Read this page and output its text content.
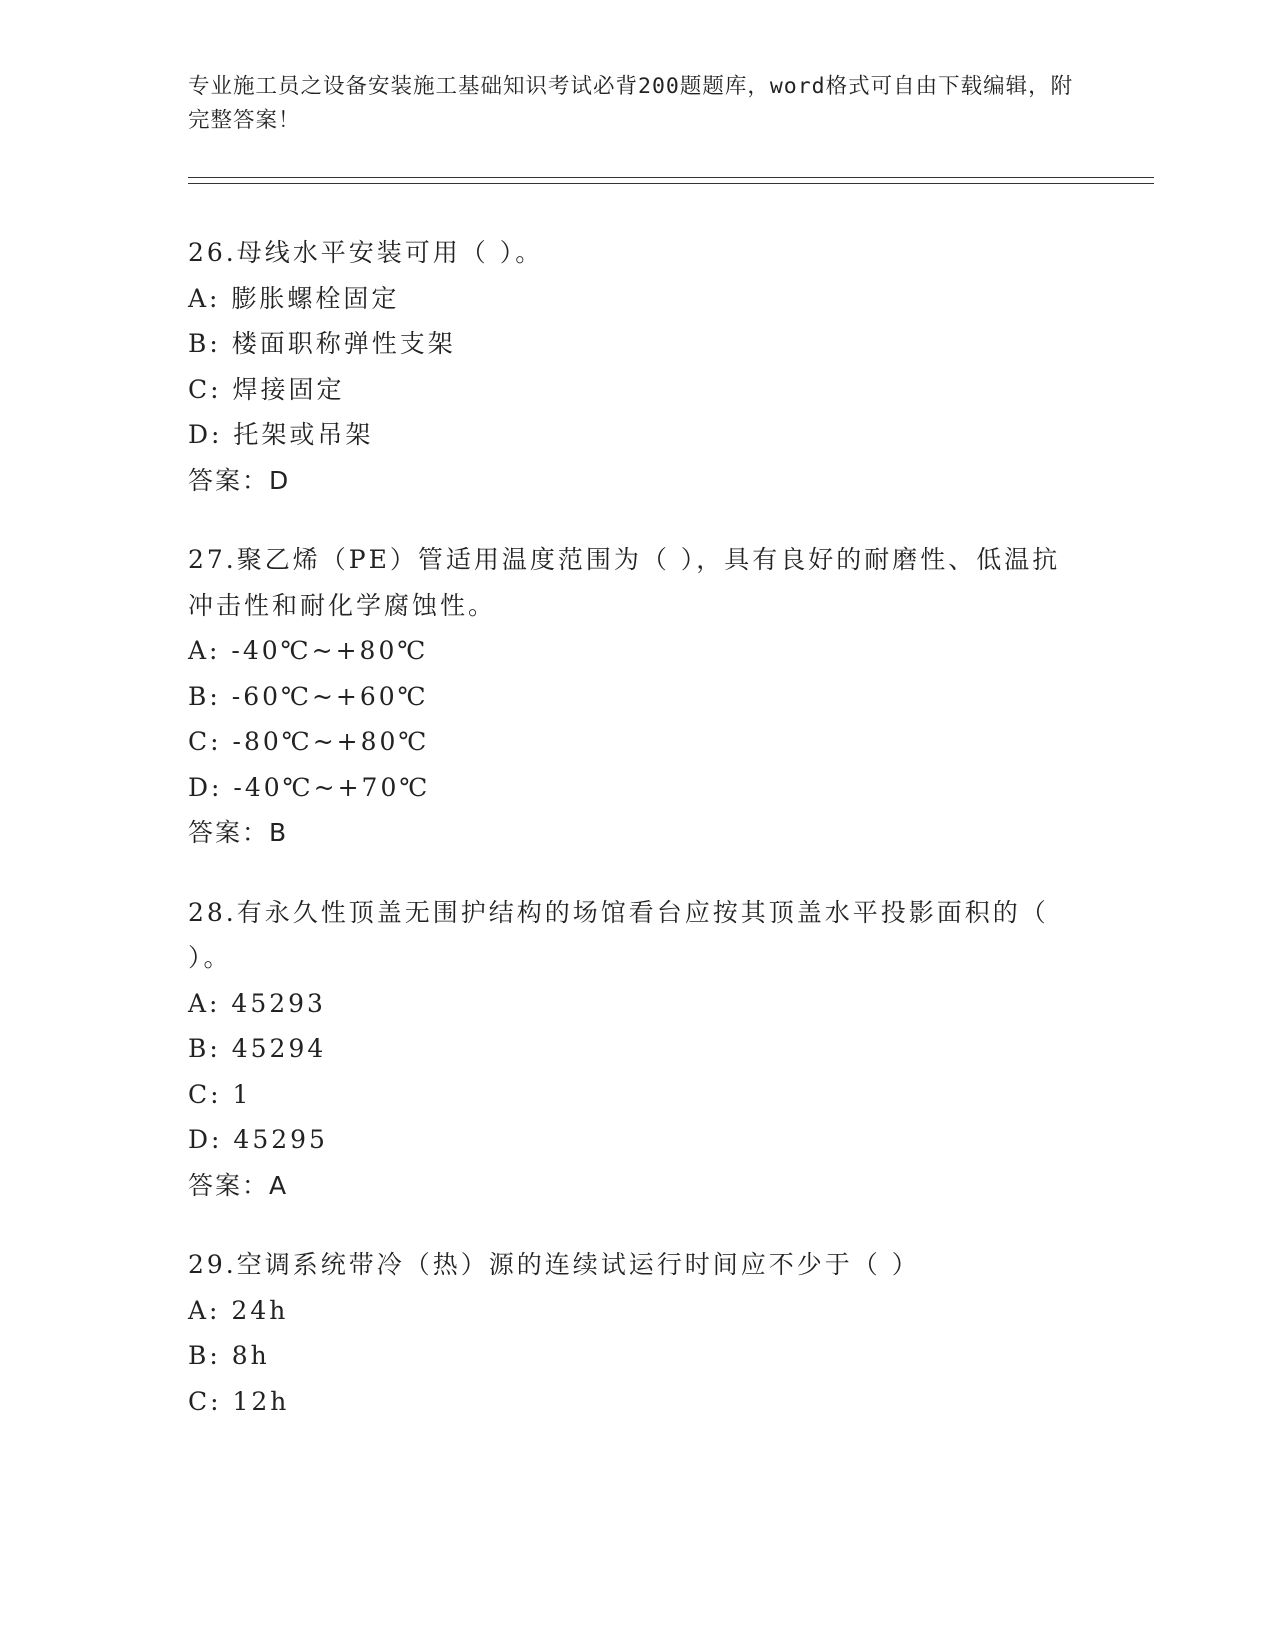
专业施工员之设备安装施工基础知识考试必背200题题库，word格式可自由下载编辑，附完整答案！
26.母线水平安装可用（ ）。
A: 膨胀螺栓固定
B: 楼面职称弹性支架
C: 焊接固定
D: 托架或吊架
答案：D
27.聚乙烯（PE）管适用温度范围为（ ），具有良好的耐磨性、低温抗冲击性和耐化学腐蚀性。
A: -40℃~+80℃
B: -60℃~+60℃
C: -80℃~+80℃
D: -40℃~+70℃
答案：B
28.有永久性顶盖无围护结构的场馆看台应按其顶盖水平投影面积的（ ）。
A: 45293
B: 45294
C: 1
D: 45295
答案：A
29.空调系统带冷（热）源的连续试运行时间应不少于（ ）
A: 24h
B: 8h
C: 12h
